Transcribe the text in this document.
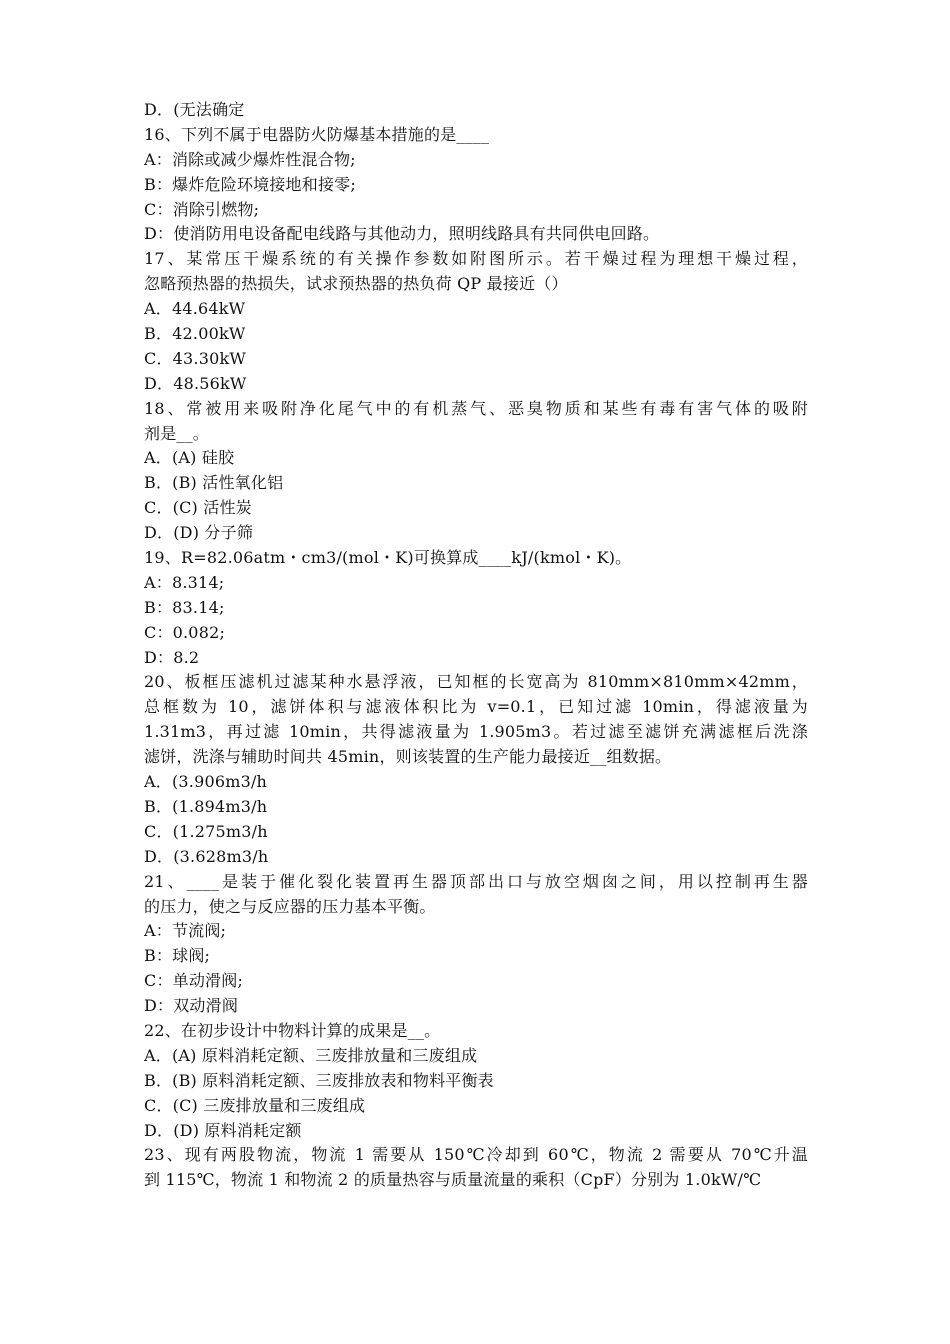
D．(无法确定
16、下列不属于电器防火防爆基本措施的是____
A：消除或减少爆炸性混合物;
B：爆炸危险环境接地和接零;
C：消除引燃物;
D：使消防用电设备配电线路与其他动力，照明线路具有共同供电回路。
17、某常压干燥系统的有关操作参数如附图所示。若干燥过程为理想干燥过程，
忽略预热器的热损失，试求预热器的热负荷 QP 最接近（）
A．44.64kW
B．42.00kW
C．43.30kW
D．48.56kW
18、常被用来吸附净化尾气中的有机蒸气、恶臭物质和某些有毒有害气体的吸附
剂是__。
A．(A) 硅胶
B．(B) 活性氧化铝
C．(C) 活性炭
D．(D) 分子筛
19、R=82.06atm・cm3/(mol・K)可换算成____kJ/(kmol・K)。
A：8.314;
B：83.14;
C：0.082;
D：8.2
20、板框压滤机过滤某种水悬浮液，已知框的长宽高为 810mm×810mm×42mm，
总框数为 10，滤饼体积与滤液体积比为 v=0.1，已知过滤 10min，得滤液量为
1.31m3，再过滤 10min，共得滤液量为 1.905m3。若过滤至滤饼充满滤框后洗涤
滤饼，洗涤与辅助时间共 45min，则该装置的生产能力最接近__组数据。
A．(3.906m3/h
B．(1.894m3/h
C．(1.275m3/h
D．(3.628m3/h
21、____是装于催化裂化装置再生器顶部出口与放空烟囱之间，用以控制再生器
的压力，使之与反应器的压力基本平衡。
A：节流阀;
B：球阀;
C：单动滑阀;
D：双动滑阀
22、在初步设计中物料计算的成果是__。
A．(A) 原料消耗定额、三废排放量和三废组成
B．(B) 原料消耗定额、三废排放表和物料平衡表
C．(C) 三废排放量和三废组成
D．(D) 原料消耗定额
23、现有两股物流，物流 1 需要从 150℃冷却到 60℃，物流 2 需要从 70℃升温
到 115℃，物流 1 和物流 2 的质量热容与质量流量的乘积（CpF）分别为 1.0kW/℃
